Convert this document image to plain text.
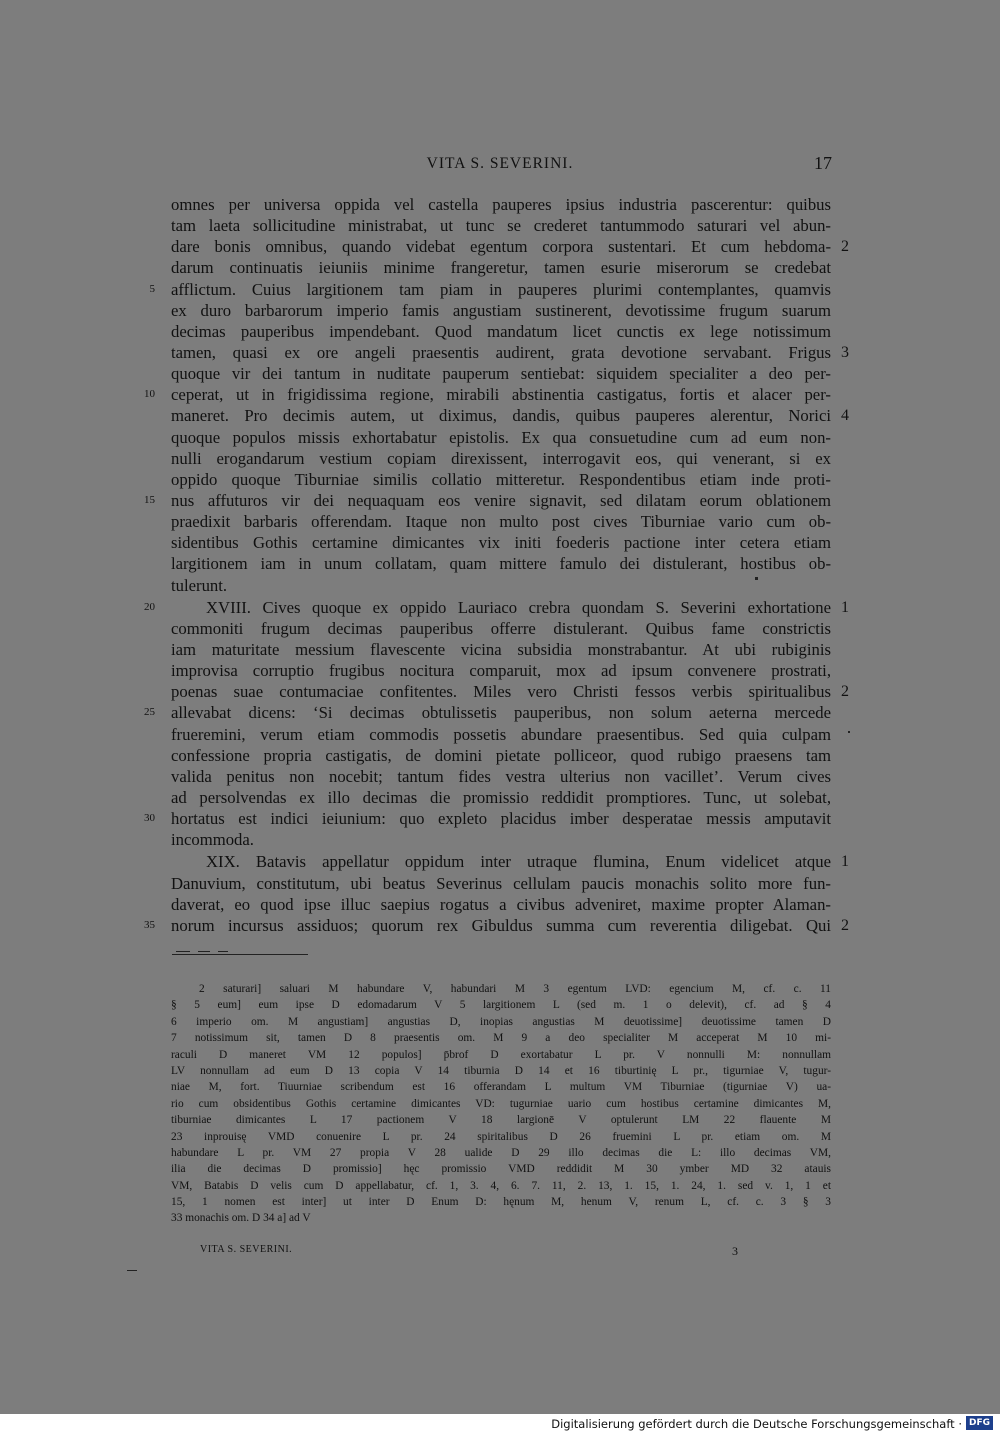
VITA S. SEVERINI.	17
omnes per universa oppida vel castella pauperes ipsius industria pascerentur: quibus
tam laeta sollicitudine ministrabat, ut tunc se crederet tantummodo saturari vel abun-
dare bonis omnibus, quando videbat egentum corpora sustentari. Et cum hebdoma- 2
darum continuatis ieiuniis minime frangeretur, tamen esurie miserorum se credebat
5 afflictum. Cuius largitionem tam piam in pauperes plurimi contemplantes, quamvis
ex duro barbarorum imperio famis angustiam sustinerent, devotissime frugum suarum
decimas pauperibus impendebant. Quod mandatum licet cunctis ex lege notissimum
tamen, quasi ex ore angeli praesentis audirent, grata devotione servabant. Frigus 3
quoque vir dei tantum in nuditate pauperum sentiebat: siquidem specialiter a deo per-
10 ceperat, ut in frigidissima regione, mirabili abstinentia castigatus, fortis et alacer per-
maneret. Pro decimis autem, ut diximus, dandis, quibus pauperes alerentur, Norici 4
quoque populos missis exhortabatur epistolis. Ex qua consuetudine cum ad eum non-
nulli erogandarum vestium copiam direxissent, interrogavit eos, qui venerant, si ex
oppido quoque Tiburniae similis collatio mitteretur. Respondentibus etiam inde proti-
15 nus affuturos vir dei nequaquam eos venire signavit, sed dilatam eorum oblationem
praedixit barbaris offerendam. Itaque non multo post cives Tiburniae vario cum ob-
sidentibus Gothis certamine dimicantes vix initi foederis pactione inter cetera etiam
largitionem iam in unum collatam, quam mittere famulo dei distulerant, hostibus ob-
tulerunt.
20	XVIII. Cives quoque ex oppido Lauriaco crebra quondam S. Severini exhortatione 1
commoniti frugum decimas pauperibus offerre distulerant. Quibus fame constrictis
iam maturitate messium flavescente vicina subsidia monstrabantur. At ubi rubiginis
improvisa corruptio frugibus nocitura comparuit, mox ad ipsum convenere prostrati,
poenas suae contumaciae confitentes. Miles vero Christi fessos verbis spiritualibus 2
25 allevabat dicens: ‘Si decimas obtulissetis pauperibus, non solum aeterna mercede
frueremini, verum etiam commodis possetis abundare praesentibus. Sed quia culpam
confessione propria castigatis, de domini pietate polliceor, quod rubigo praesens tam
valida penitus non nocebit; tantum fides vestra ulterius non vacillet’. Verum cives
ad persolvendas ex illo decimas die promissio reddidit promptiores. Tunc, ut solebat,
30 hortatus est indici ieiunium: quo expleto placidus imber desperatae messis amputavit
incommoda.
XIX. Batavis appellatur oppidum inter utraque flumina, Enum videlicet atque 1
Danuvium, constitutum, ubi beatus Severinus cellulam paucis monachis solito more fun-
daverat, eo quod ipse illuc saepius rogatus a civibus adveniret, maxime propter Alaman-
35 norum incursus assiduos; quorum rex Gibuldus summa cum reverentia diligebat. Qui 2
2 saturari] saluari M habundare V, habundari M 3 egentum LVD: egencium M, cf. c. 11
§ 5 eum] eum ipse D edomadarum V 5 largitionem L (sed m. 1 o delevit), cf. ad § 4
6 imperio om. M angustiam] angustias D, inopias angustias M deuotissime] deuotissime tamen D
7 notissimum sit, tamen D 8 praesentis om. M 9 a deo specialiter M acceperat M 10 mi-
raculi D maneret VM 12 populos] p̄brof D exortabatur L pr. V nonnulli M: nonnullam
LV nonnullam ad eum D 13 copia V 14 tiburnia D 14 et 16 tiburtinię L pr., tigurniae V, tugur-
niae M, fort. Tiuurniae scribendum est 16 offerandam L multum VM Tiburniae (tigurniae V) ua-
rio cum obsidentibus Gothis certamine dimicantes VD: tugurniae uario cum hostibus certamine dimicantes M,
tiburniae dimicantes L 17 pactionem V 18 largionē V optulerunt LM 22 flauente M
23 inprouisę VMD conuenire L pr. 24 spiritalibus D 26 fruemini L pr. etiam om. M
habundare L pr. VM 27 propia V 28 ualide D 29 illo decimas die L: illo decimas VM,
ilia die decimas D promissio] hęc promissio VMD reddidit M 30 ymber MD 32 atauis
VM, Batabis D velis cum D appellabatur, cf. 1, 3. 4, 6. 7. 11, 2. 13, 1. 15, 1. 24, 1. sed v. 1, 1 et
15, 1 nomen est inter] ut inter D Enum D: hęnum M, henum V, renum L, cf. c. 3 § 3
33 monachis om. D 34 a] ad V
VITA S. SEVERINI.	3
Digitalisierung gefördert durch die Deutsche Forschungsgemeinschaft · DFG
